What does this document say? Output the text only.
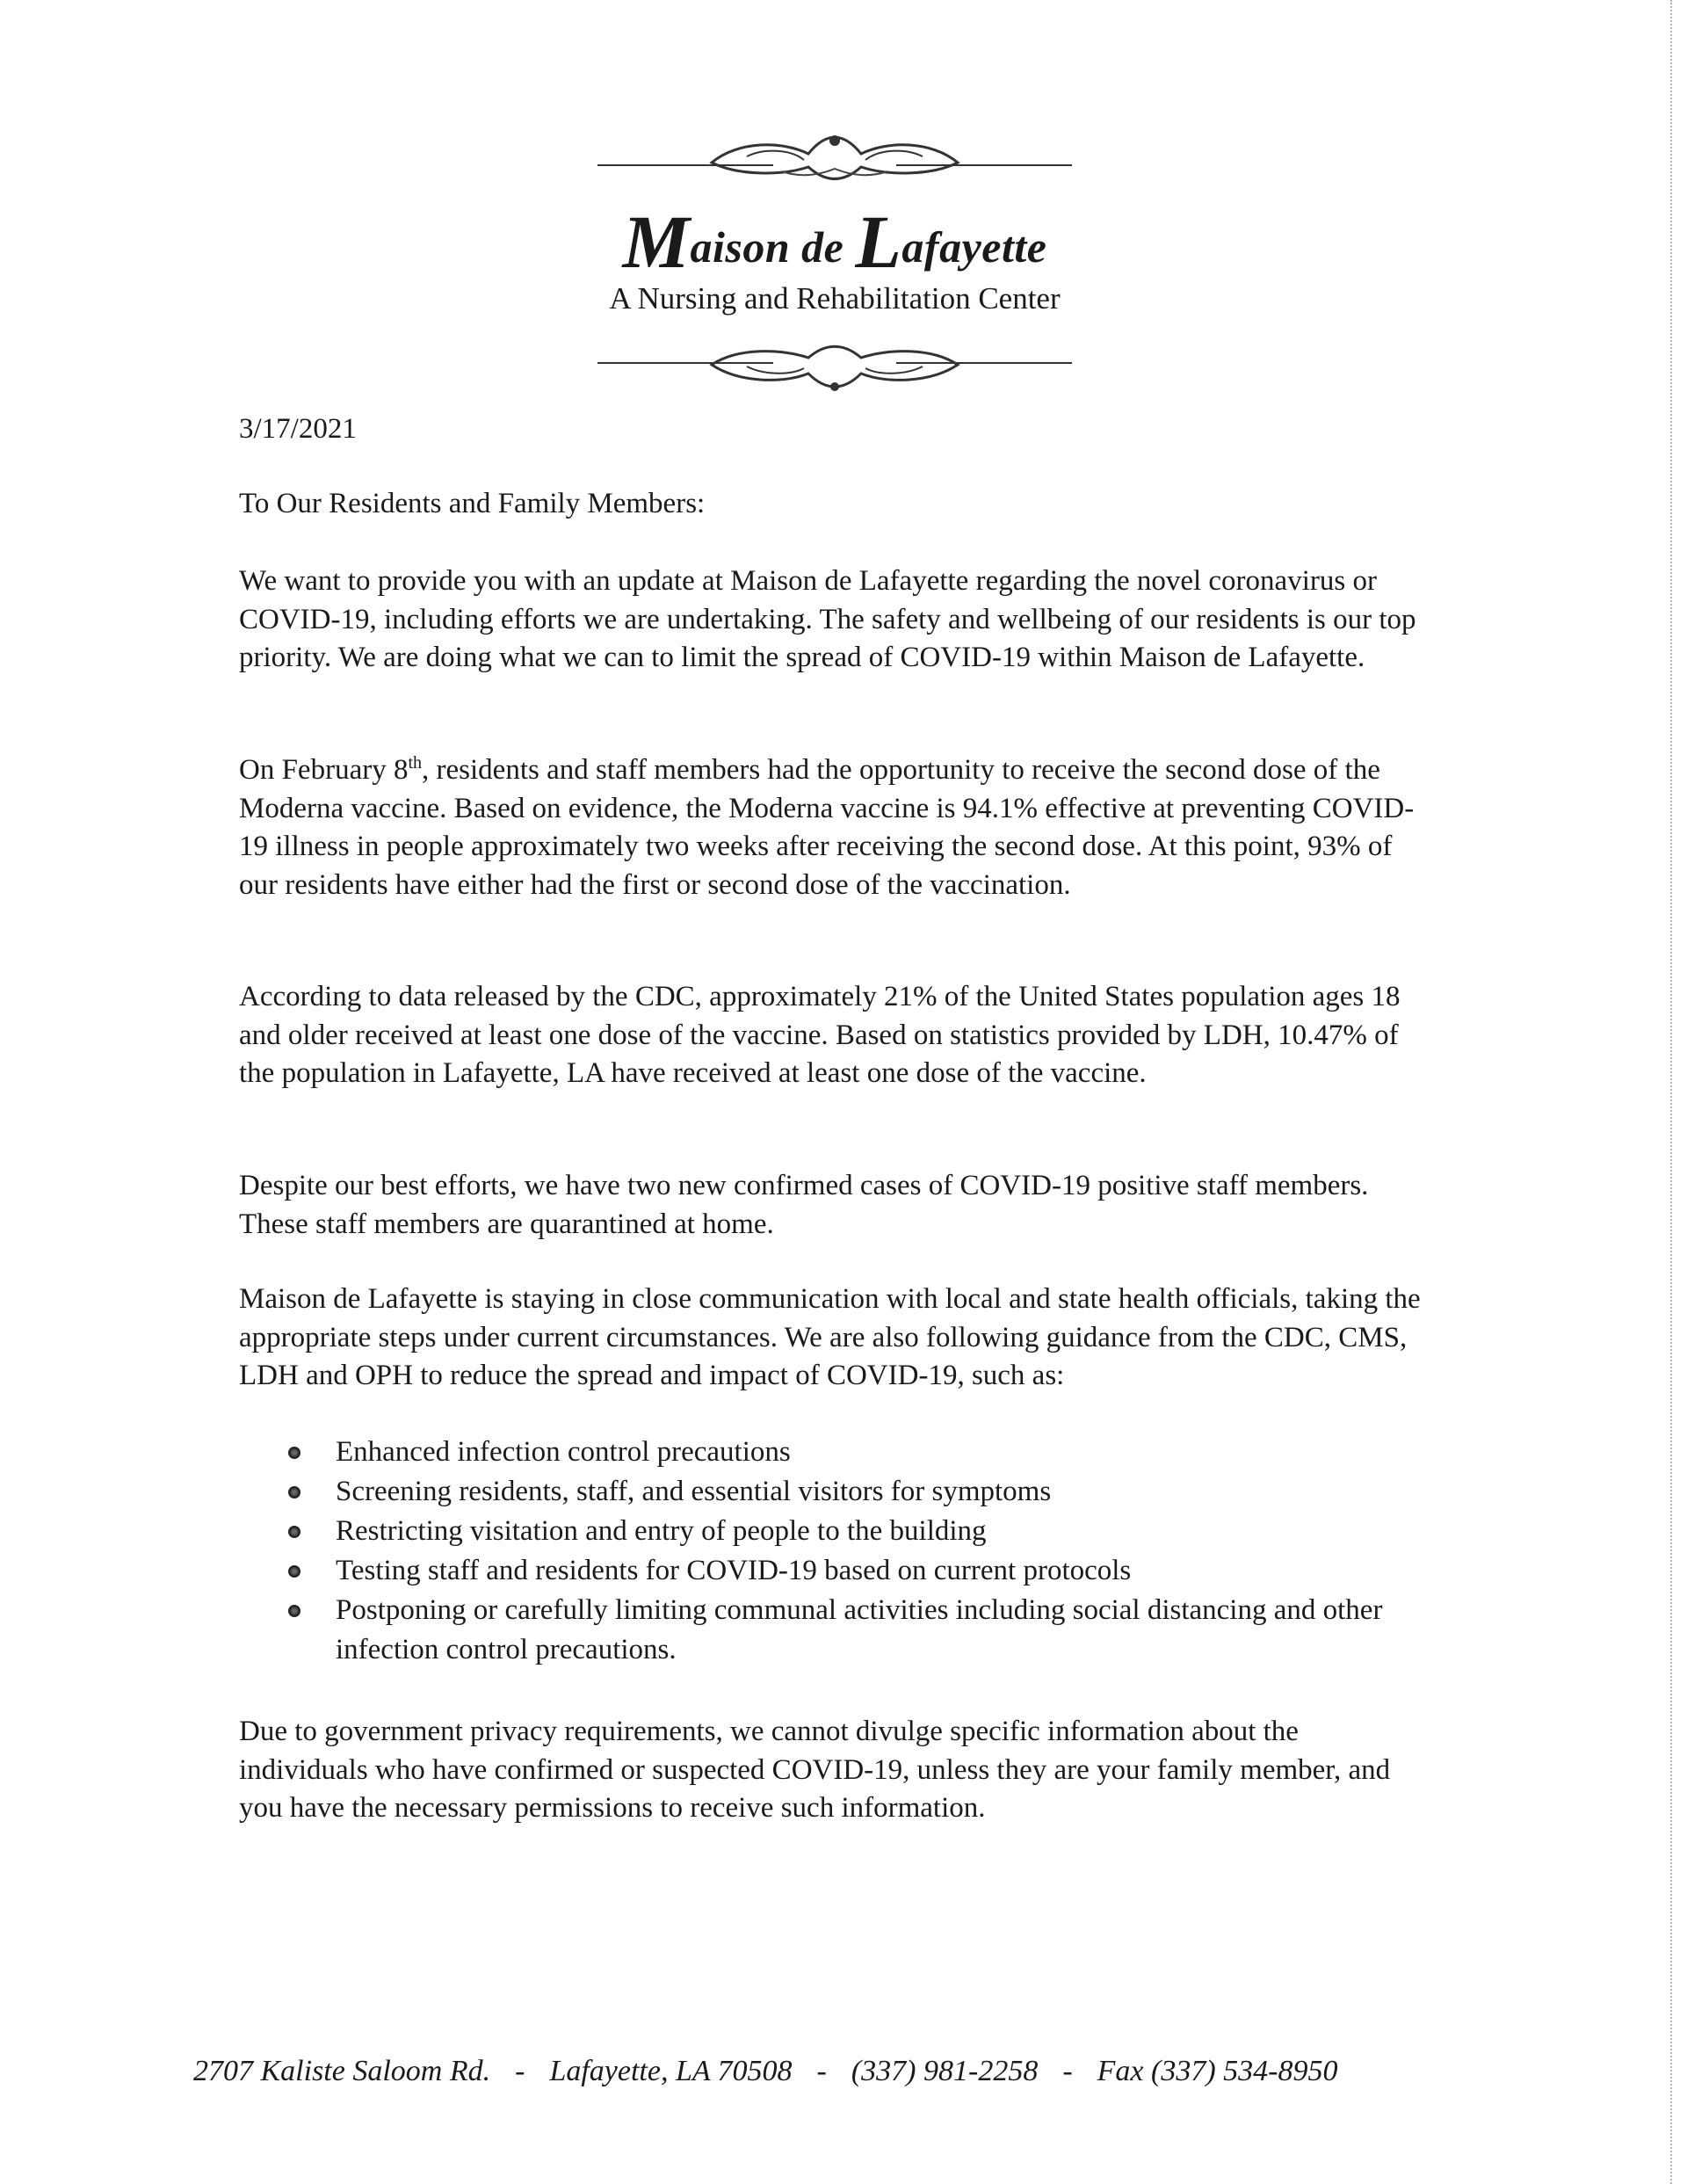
Maison de Lafayette
A Nursing and Rehabilitation Center
3/17/2021
To Our Residents and Family Members:

We want to provide you with an update at Maison de Lafayette regarding the novel coronavirus or COVID-19, including efforts we are undertaking. The safety and wellbeing of our residents is our top priority. We are doing what we can to limit the spread of COVID-19 within Maison de Lafayette.

On February 8th, residents and staff members had the opportunity to receive the second dose of the Moderna vaccine. Based on evidence, the Moderna vaccine is 94.1% effective at preventing COVID-19 illness in people approximately two weeks after receiving the second dose. At this point, 93% of our residents have either had the first or second dose of the vaccination.

According to data released by the CDC, approximately 21% of the United States population ages 18 and older received at least one dose of the vaccine. Based on statistics provided by LDH, 10.47% of the population in Lafayette, LA have received at least one dose of the vaccine.

Despite our best efforts, we have two new confirmed cases of COVID-19 positive staff members. These staff members are quarantined at home.

Maison de Lafayette is staying in close communication with local and state health officials, taking the appropriate steps under current circumstances. We are also following guidance from the CDC, CMS, LDH and OPH to reduce the spread and impact of COVID-19, such as:

Enhanced infection control precautions
Screening residents, staff, and essential visitors for symptoms
Restricting visitation and entry of people to the building
Testing staff and residents for COVID-19 based on current protocols
Postponing or carefully limiting communal activities including social distancing and other infection control precautions.

Due to government privacy requirements, we cannot divulge specific information about the individuals who have confirmed or suspected COVID-19, unless they are your family member, and you have the necessary permissions to receive such information.

2707 Kaliste Saloom Rd. - Lafayette, LA 70508 - (337) 981-2258 - Fax (337) 534-8950
